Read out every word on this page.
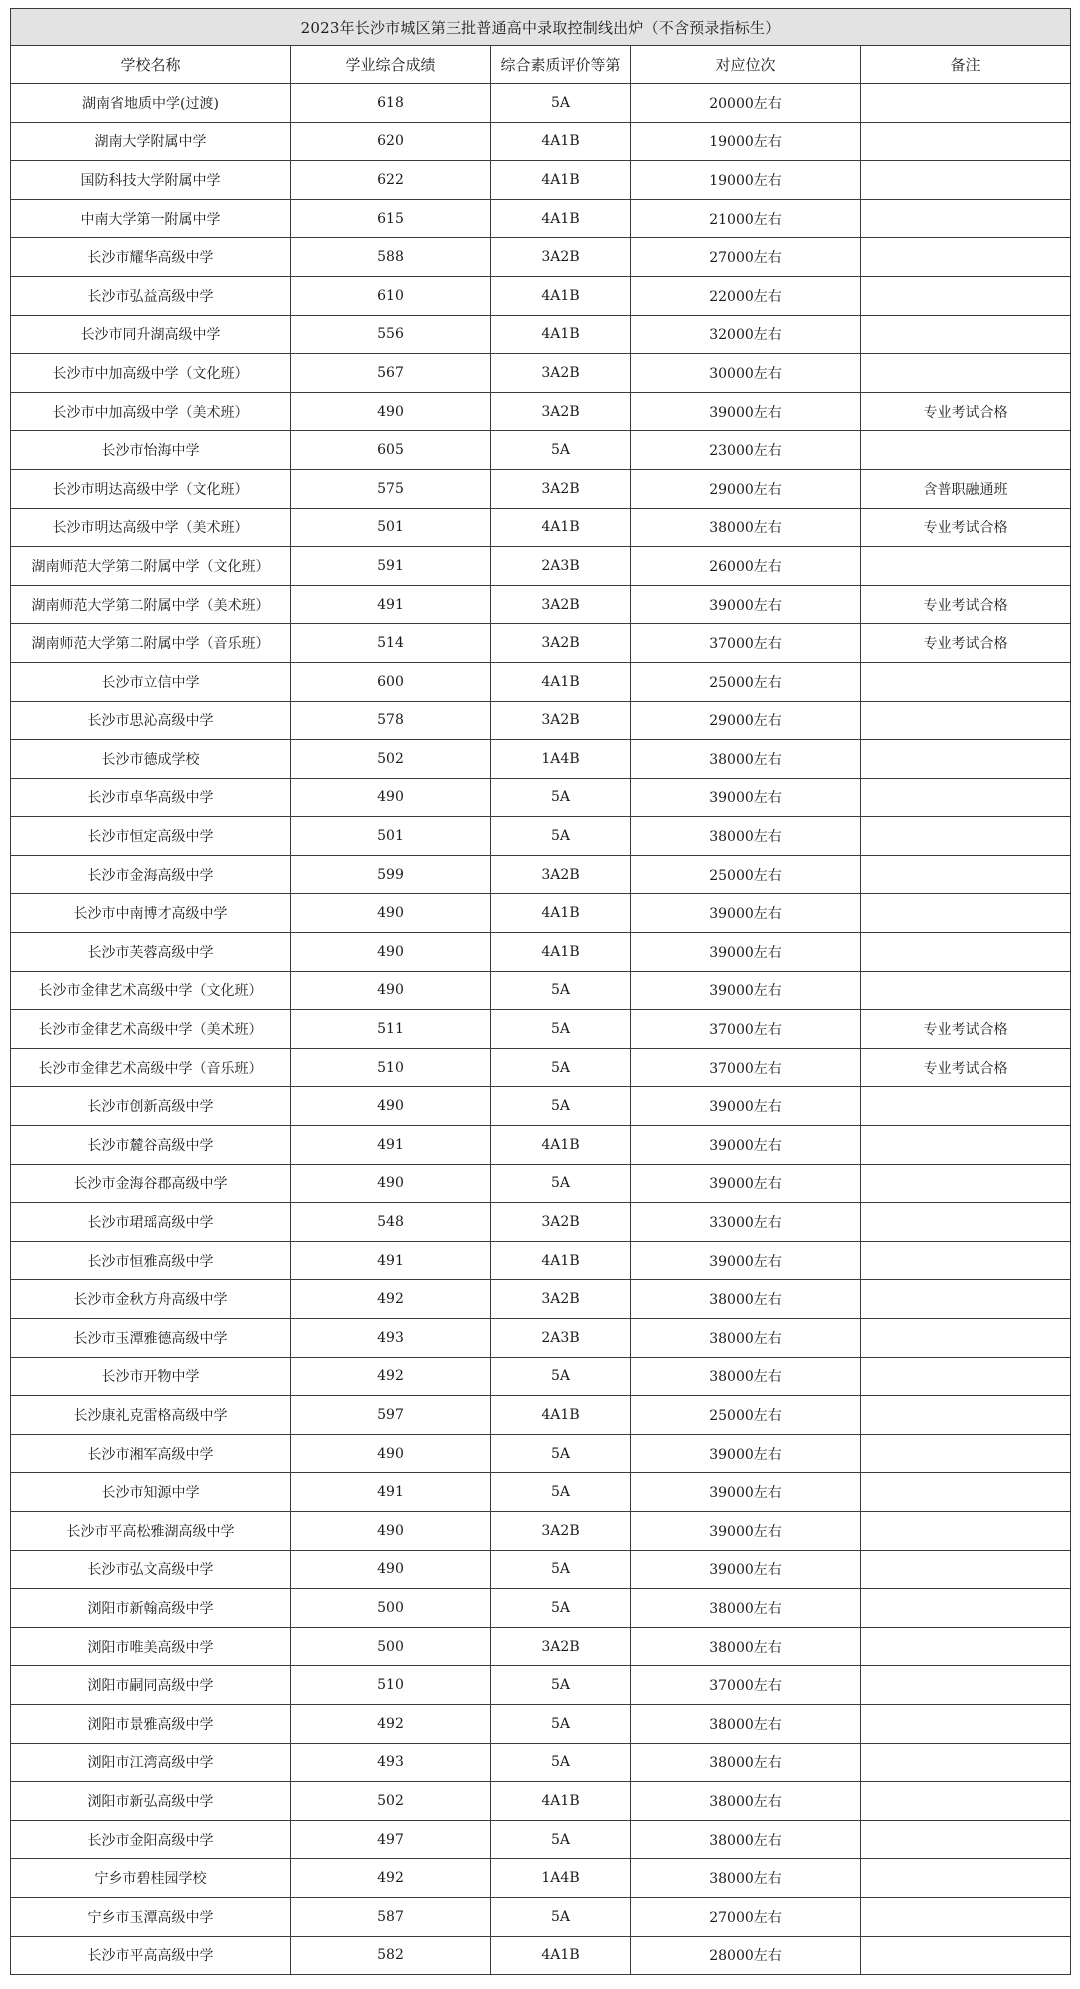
2023年长沙市城区第三批普通高中录取控制线出炉（不含预录指标生）				
学校名称	学业综合成绩	综合素质评价等第	对应位次	备注
湖南省地质中学(过渡)	618	5A	20000左右	
湖南大学附属中学	620	4A1B	19000左右	
国防科技大学附属中学	622	4A1B	19000左右	
中南大学第一附属中学	615	4A1B	21000左右	
长沙市耀华高级中学	588	3A2B	27000左右	
长沙市弘益高级中学	610	4A1B	22000左右	
长沙市同升湖高级中学	556	4A1B	32000左右	
长沙市中加高级中学（文化班）	567	3A2B	30000左右	
长沙市中加高级中学（美术班）	490	3A2B	39000左右	专业考试合格
长沙市怡海中学	605	5A	23000左右	
长沙市明达高级中学（文化班）	575	3A2B	29000左右	含普职融通班
长沙市明达高级中学（美术班）	501	4A1B	38000左右	专业考试合格
湖南师范大学第二附属中学（文化班）	591	2A3B	26000左右	
湖南师范大学第二附属中学（美术班）	491	3A2B	39000左右	专业考试合格
湖南师范大学第二附属中学（音乐班）	514	3A2B	37000左右	专业考试合格
长沙市立信中学	600	4A1B	25000左右	
长沙市思沁高级中学	578	3A2B	29000左右	
长沙市德成学校	502	1A4B	38000左右	
长沙市卓华高级中学	490	5A	39000左右	
长沙市恒定高级中学	501	5A	38000左右	
长沙市金海高级中学	599	3A2B	25000左右	
长沙市中南博才高级中学	490	4A1B	39000左右	
长沙市芙蓉高级中学	490	4A1B	39000左右	
长沙市金律艺术高级中学（文化班）	490	5A	39000左右	
长沙市金律艺术高级中学（美术班）	511	5A	37000左右	专业考试合格
长沙市金律艺术高级中学（音乐班）	510	5A	37000左右	专业考试合格
长沙市创新高级中学	490	5A	39000左右	
长沙市麓谷高级中学	491	4A1B	39000左右	
长沙市金海谷郡高级中学	490	5A	39000左右	
长沙市珺瑶高级中学	548	3A2B	33000左右	
长沙市恒雅高级中学	491	4A1B	39000左右	
长沙市金秋方舟高级中学	492	3A2B	38000左右	
长沙市玉潭雅德高级中学	493	2A3B	38000左右	
长沙市开物中学	492	5A	38000左右	
长沙康礼克雷格高级中学	597	4A1B	25000左右	
长沙市湘军高级中学	490	5A	39000左右	
长沙市知源中学	491	5A	39000左右	
长沙市平高松雅湖高级中学	490	3A2B	39000左右	
长沙市弘文高级中学	490	5A	39000左右	
浏阳市新翰高级中学	500	5A	38000左右	
浏阳市唯美高级中学	500	3A2B	38000左右	
浏阳市嗣同高级中学	510	5A	37000左右	
浏阳市景雅高级中学	492	5A	38000左右	
浏阳市江湾高级中学	493	5A	38000左右	
浏阳市新弘高级中学	502	4A1B	38000左右	
长沙市金阳高级中学	497	5A	38000左右	
宁乡市碧桂园学校	492	1A4B	38000左右	
宁乡市玉潭高级中学	587	5A	27000左右	
长沙市平高高级中学	582	4A1B	28000左右	
